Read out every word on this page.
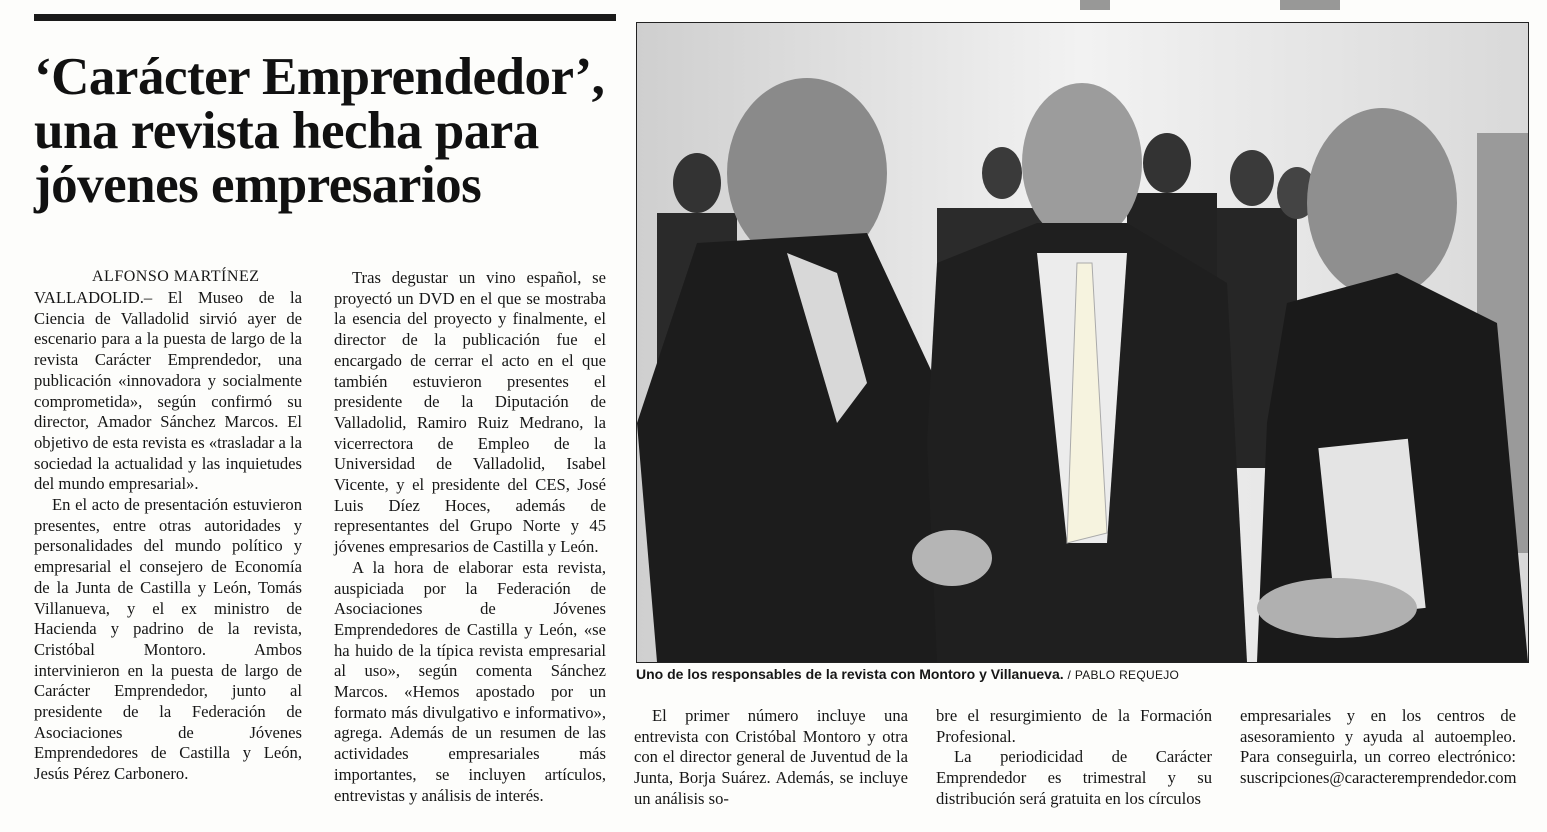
‘Carácter Emprendedor’, una revista hecha para jóvenes empresarios
ALFONSO MARTÍNEZ

VALLADOLID.– El Museo de la Ciencia de Valladolid sirvió ayer de escenario para a la puesta de largo de la revista Carácter Emprendedor, una publicación «innovadora y socialmente comprometida», según confirmó su director, Amador Sánchez Marcos. El objetivo de esta revista es «trasladar a la sociedad la actualidad y las inquietudes del mundo empresarial».

En el acto de presentación estuvieron presentes, entre otras autoridades y personalidades del mundo político y empresarial el consejero de Economía de la Junta de Castilla y León, Tomás Villanueva, y el ex ministro de Hacienda y padrino de la revista, Cristóbal Montoro. Ambos intervinieron en la puesta de largo de Carácter Emprendedor, junto al presidente de la Federación de Asociaciones de Jóvenes Emprendedores de Castilla y León, Jesús Pérez Carbonero.

Tras degustar un vino español, se proyectó un DVD en el que se mostraba la esencia del proyecto y finalmente, el director de la publicación fue el encargado de cerrar el acto en el que también estuvieron presentes el presidente de la Diputación de Valladolid, Ramiro Ruiz Medrano, la vicerrectora de Empleo de la Universidad de Valladolid, Isabel Vicente, y el presidente del CES, José Luis Díez Hoces, además de representantes del Grupo Norte y 45 jóvenes empresarios de Castilla y León.

A la hora de elaborar esta revista, auspiciada por la Federación de Asociaciones de Jóvenes Emprendedores de Castilla y León, «se ha huido de la típica revista empresarial al uso», según comenta Sánchez Marcos. «Hemos apostado por un formato más divulgativo e informativo», agrega. Además de un resumen de las actividades empresariales más importantes, se incluyen artículos, entrevistas y análisis de interés.

Uno de los responsables de la revista con Montoro y Villanueva. / PABLO REQUEJO

El primer número incluye una entrevista con Cristóbal Montoro y otra con el director general de Juventud de la Junta, Borja Suárez. Además, se incluye un análisis so-

bre el resurgimiento de la Formación Profesional.

La periodicidad de Carácter Emprendedor es trimestral y su distribución será gratuita en los círculos

empresariales y en los centros de asesoramiento y ayuda al autoempleo. Para conseguirla, un correo electrónico: suscripciones@caracteremprendedor.com
